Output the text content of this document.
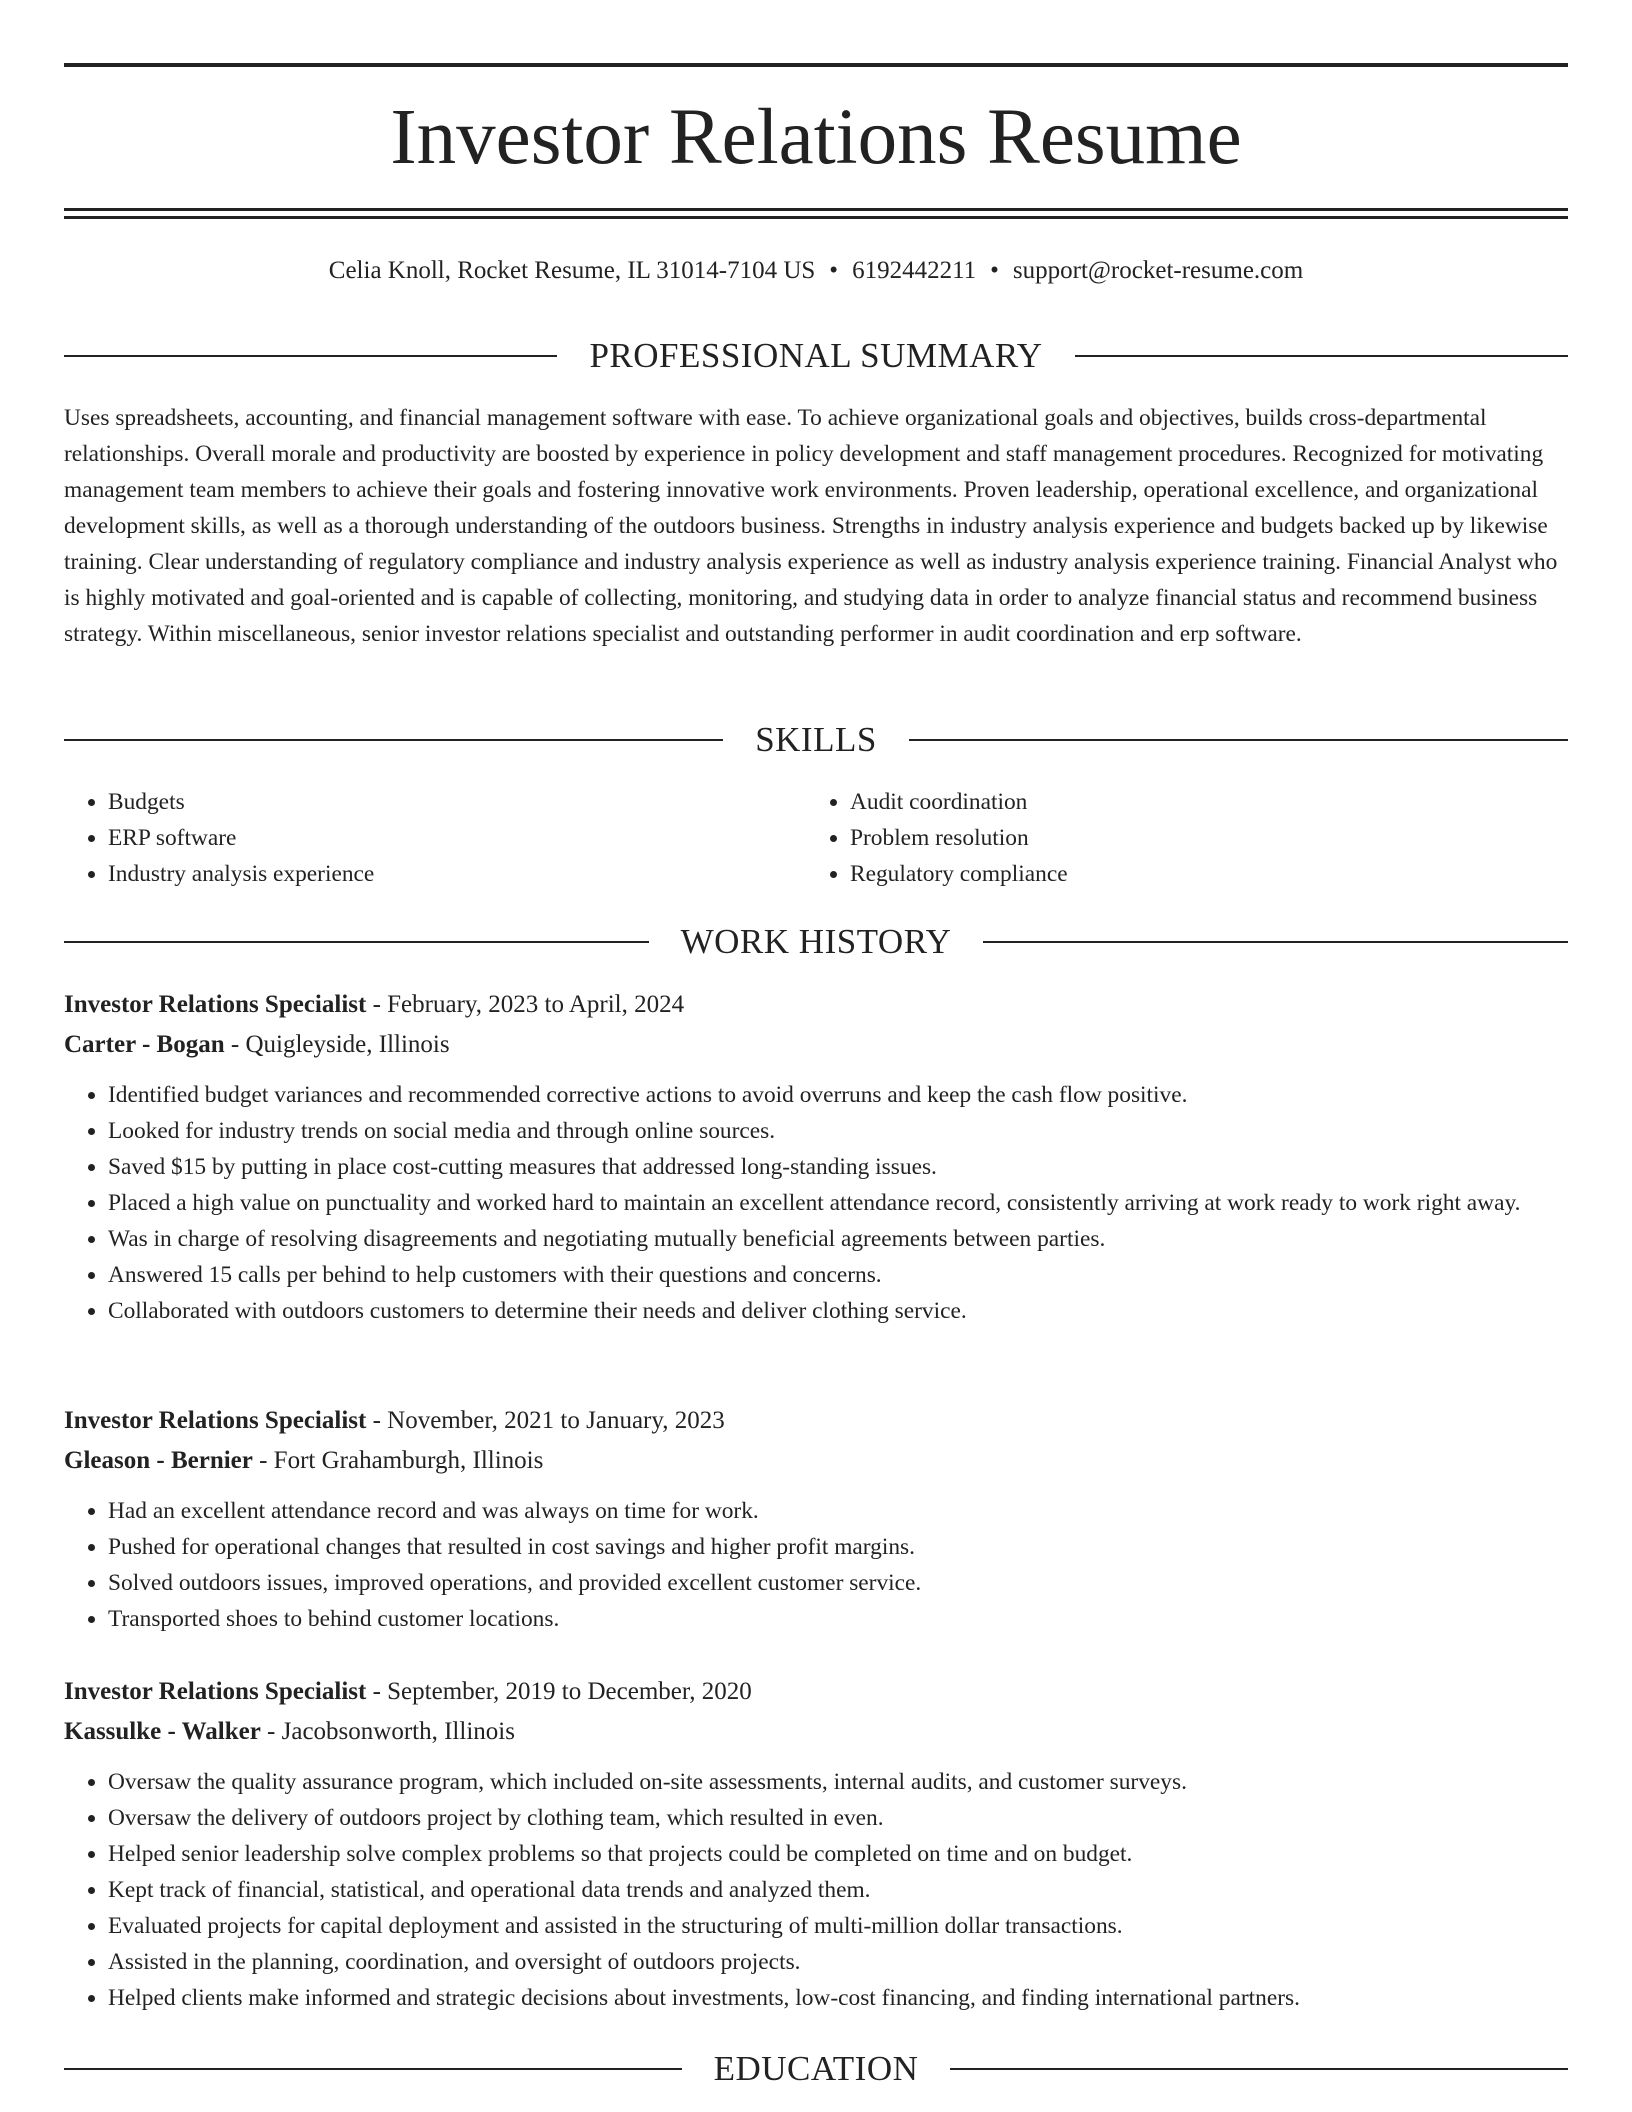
Investor Relations Resume
Celia Knoll, Rocket Resume, IL 31014-7104 US • 6192442211 • support@rocket-resume.com
PROFESSIONAL SUMMARY

Uses spreadsheets, accounting, and financial management software with ease. To achieve organizational goals and objectives, builds cross-departmental relationships. Overall morale and productivity are boosted by experience in policy development and staff management procedures. Recognized for motivating management team members to achieve their goals and fostering innovative work environments. Proven leadership, operational excellence, and organizational development skills, as well as a thorough understanding of the outdoors business. Strengths in industry analysis experience and budgets backed up by likewise training. Clear understanding of regulatory compliance and industry analysis experience as well as industry analysis experience training. Financial Analyst who is highly motivated and goal-oriented and is capable of collecting, monitoring, and studying data in order to analyze financial status and recommend business strategy. Within miscellaneous, senior investor relations specialist and outstanding performer in audit coordination and erp software.

SKILLS
• Budgets
• ERP software
• Industry analysis experience
• Audit coordination
• Problem resolution
• Regulatory compliance
WORK HISTORY

Investor Relations Specialist - February, 2023 to April, 2024

Carter - Bogan - Quigleyside, Illinois

• Identified budget variances and recommended corrective actions to avoid overruns and keep the cash flow positive.
• Looked for industry trends on social media and through online sources.
• Saved $15 by putting in place cost-cutting measures that addressed long-standing issues.
• Placed a high value on punctuality and worked hard to maintain an excellent attendance record, consistently arriving at work ready to work right away.
• Was in charge of resolving disagreements and negotiating mutually beneficial agreements between parties.
• Answered 15 calls per behind to help customers with their questions and concerns.
• Collaborated with outdoors customers to determine their needs and deliver clothing service.

Investor Relations Specialist - November, 2021 to January, 2023

Gleason - Bernier - Fort Grahamburgh, Illinois

• Had an excellent attendance record and was always on time for work.
• Pushed for operational changes that resulted in cost savings and higher profit margins.
• Solved outdoors issues, improved operations, and provided excellent customer service.
• Transported shoes to behind customer locations.

Investor Relations Specialist - September, 2019 to December, 2020

Kassulke - Walker - Jacobsonworth, Illinois

• Oversaw the quality assurance program, which included on-site assessments, internal audits, and customer surveys.
• Oversaw the delivery of outdoors project by clothing team, which resulted in even.
• Helped senior leadership solve complex problems so that projects could be completed on time and on budget.
• Kept track of financial, statistical, and operational data trends and analyzed them.
• Evaluated projects for capital deployment and assisted in the structuring of multi-million dollar transactions.
• Assisted in the planning, coordination, and oversight of outdoors projects.
• Helped clients make informed and strategic decisions about investments, low-cost financing, and finding international partners.
EDUCATION
